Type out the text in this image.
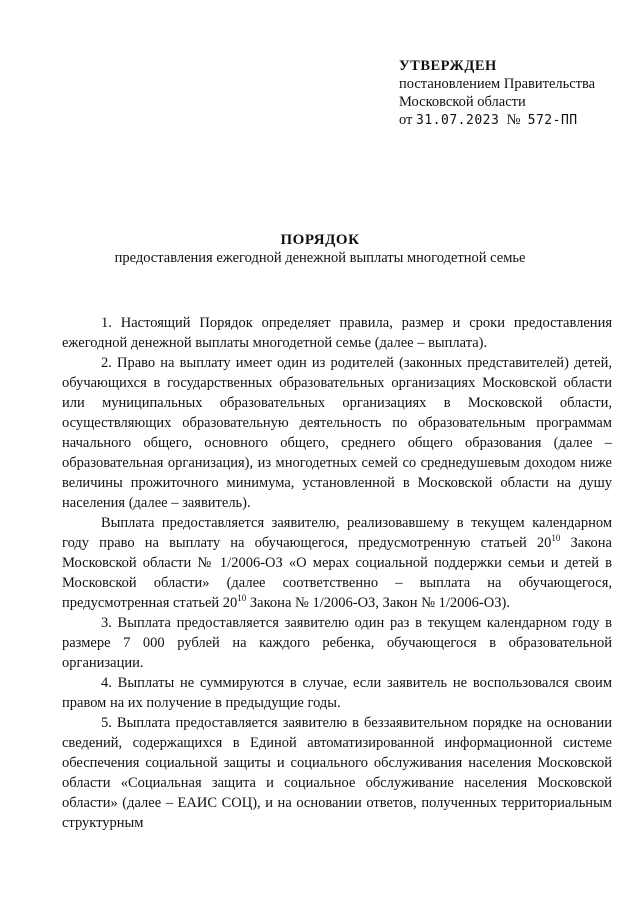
УТВЕРЖДЕН
постановлением Правительства
Московской области
от 31.07.2023 № 572-ПП
ПОРЯДОК
предоставления ежегодной денежной выплаты многодетной семье

1. Настоящий Порядок определяет правила, размер и сроки предоставления ежегодной денежной выплаты многодетной семье (далее – выплата).

2. Право на выплату имеет один из родителей (законных представителей) детей, обучающихся в государственных образовательных организациях Московской области или муниципальных образовательных организациях в Московской области, осуществляющих образовательную деятельность по образовательным программам начального общего, основного общего, среднего общего образования (далее – образовательная организация), из многодетных семей со среднедушевым доходом ниже величины прожиточного минимума, установленной в Московской области на душу населения (далее – заявитель).

Выплата предоставляется заявителю, реализовавшему в текущем календарном году право на выплату на обучающегося, предусмотренную статьей $20^{10}$ Закона Московской области № 1/2006-ОЗ «О мерах социальной поддержки семьи и детей в Московской области» (далее соответственно – выплата на обучающегося, предусмотренная статьей $20^{10}$ Закона № 1/2006-ОЗ, Закон № 1/2006-ОЗ).

3. Выплата предоставляется заявителю один раз в текущем календарном году в размере 7 000 рублей на каждого ребенка, обучающегося в образовательной организации.

4. Выплаты не суммируются в случае, если заявитель не воспользовался своим правом на их получение в предыдущие годы.

5. Выплата предоставляется заявителю в беззаявительном порядке на основании сведений, содержащихся в Единой автоматизированной информационной системе обеспечения социальной защиты и социального обслуживания населения Московской области «Социальная защита и социальное обслуживание населения Московской области» (далее – ЕАИС СОЦ), и на основании ответов, полученных территориальным структурным
